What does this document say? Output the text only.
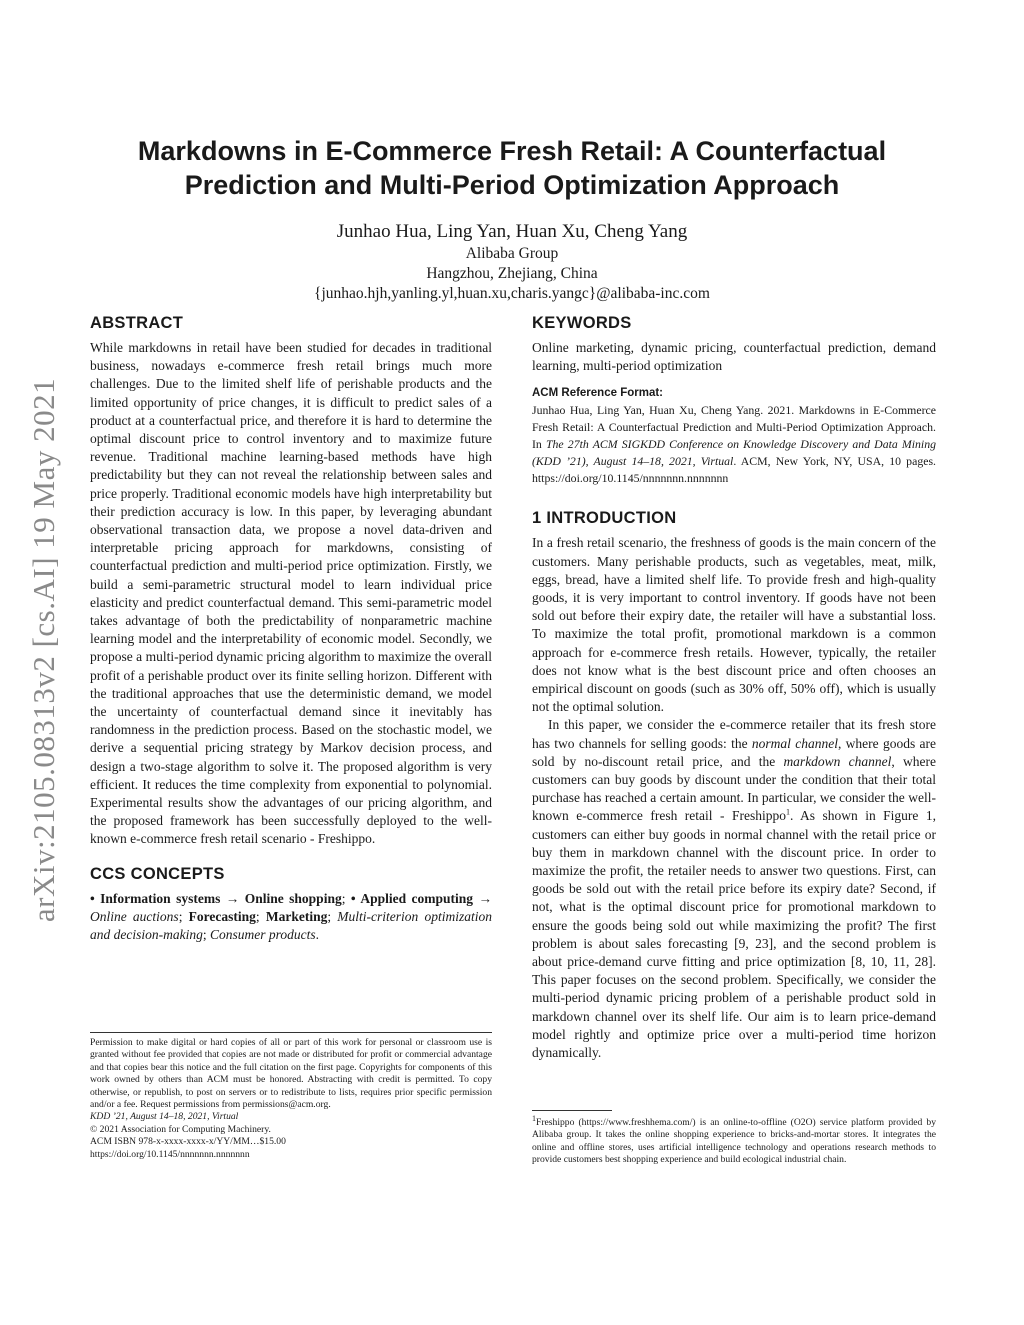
arXiv:2105.08313v2 [cs.AI] 19 May 2021
Markdowns in E-Commerce Fresh Retail: A Counterfactual
Prediction and Multi-Period Optimization Approach
Junhao Hua, Ling Yan, Huan Xu, Cheng Yang
Alibaba Group
Hangzhou, Zhejiang, China
{junhao.hjh,yanling.yl,huan.xu,charis.yangc}@alibaba-inc.com
ABSTRACT

While markdowns in retail have been studied for decades in traditional business, nowadays e-commerce fresh retail brings much more challenges. Due to the limited shelf life of perishable products and the limited opportunity of price changes, it is difficult to predict sales of a product at a counterfactual price, and therefore it is hard to determine the optimal discount price to control inventory and to maximize future revenue. Traditional machine learning-based methods have high predictability but they can not reveal the relationship between sales and price properly. Traditional economic models have high interpretability but their prediction accuracy is low. In this paper, by leveraging abundant observational transaction data, we propose a novel data-driven and interpretable pricing approach for markdowns, consisting of counterfactual prediction and multi-period price optimization. Firstly, we build a semi-parametric structural model to learn individual price elasticity and predict counterfactual demand. This semi-parametric model takes advantage of both the predictability of nonparametric machine learning model and the interpretability of economic model. Secondly, we propose a multi-period dynamic pricing algorithm to maximize the overall profit of a perishable product over its finite selling horizon. Different with the traditional approaches that use the deterministic demand, we model the uncertainty of counterfactual demand since it inevitably has randomness in the prediction process. Based on the stochastic model, we derive a sequential pricing strategy by Markov decision process, and design a two-stage algorithm to solve it. The proposed algorithm is very efficient. It reduces the time complexity from exponential to polynomial. Experimental results show the advantages of our pricing algorithm, and the proposed framework has been successfully deployed to the well-known e-commerce fresh retail scenario - Freshippo.

CCS CONCEPTS

• Information systems → Online shopping; • Applied computing → Online auctions; Forecasting; Marketing; Multi-criterion optimization and decision-making; Consumer products.

Permission to make digital or hard copies of all or part of this work for personal or classroom use is granted without fee provided that copies are not made or distributed for profit or commercial advantage and that copies bear this notice and the full citation on the first page. Copyrights for components of this work owned by others than ACM must be honored. Abstracting with credit is permitted. To copy otherwise, or republish, to post on servers or to redistribute to lists, requires prior specific permission and/or a fee. Request permissions from permissions@acm.org.

KDD ’21, August 14–18, 2021, Virtual
© 2021 Association for Computing Machinery.
ACM ISBN 978-x-xxxx-xxxx-x/YY/MM…$15.00
https://doi.org/10.1145/nnnnnnn.nnnnnnn
KEYWORDS

Online marketing, dynamic pricing, counterfactual prediction, demand learning, multi-period optimization

ACM Reference Format:

Junhao Hua, Ling Yan, Huan Xu, Cheng Yang. 2021. Markdowns in E-Commerce Fresh Retail: A Counterfactual Prediction and Multi-Period Optimization Approach. In The 27th ACM SIGKDD Conference on Knowledge Discovery and Data Mining (KDD ’21), August 14–18, 2021, Virtual. ACM, New York, NY, USA, 10 pages. https://doi.org/10.1145/nnnnnnn.nnnnnnn

1 INTRODUCTION

In a fresh retail scenario, the freshness of goods is the main concern of the customers. Many perishable products, such as vegetables, meat, milk, eggs, bread, have a limited shelf life. To provide fresh and high-quality goods, it is very important to control inventory. If goods have not been sold out before their expiry date, the retailer will have a substantial loss. To maximize the total profit, promotional markdown is a common approach for e-commerce fresh retails. However, typically, the retailer does not know what is the best discount price and often chooses an empirical discount on goods (such as 30% off, 50% off), which is usually not the optimal solution.

In this paper, we consider the e-commerce retailer that its fresh store has two channels for selling goods: the normal channel, where goods are sold by no-discount retail price, and the markdown channel, where customers can buy goods by discount under the condition that their total purchase has reached a certain amount. In particular, we consider the well-known e-commerce fresh retail - Freshippo$^1$. As shown in Figure 1, customers can either buy goods in normal channel with the retail price or buy them in markdown channel with the discount price. In order to maximize the profit, the retailer needs to answer two questions. First, can goods be sold out with the retail price before its expiry date? Second, if not, what is the optimal discount price for promotional markdown to ensure the goods being sold out while maximizing the profit? The first problem is about sales forecasting [9, 23], and the second problem is about price-demand curve fitting and price optimization [8, 10, 11, 28]. This paper focuses on the second problem. Specifically, we consider the multi-period dynamic pricing problem of a perishable product sold in markdown channel over its shelf life. Our aim is to learn price-demand model rightly and optimize price over a multi-period time horizon dynamically.

$^1$Freshippo (https://www.freshhema.com/) is an online-to-offline (O2O) service platform provided by Alibaba group. It takes the online shopping experience to bricks-and-mortar stores. It integrates the online and offline stores, uses artificial intelligence technology and operations research methods to provide customers best shopping experience and build ecological industrial chain.
